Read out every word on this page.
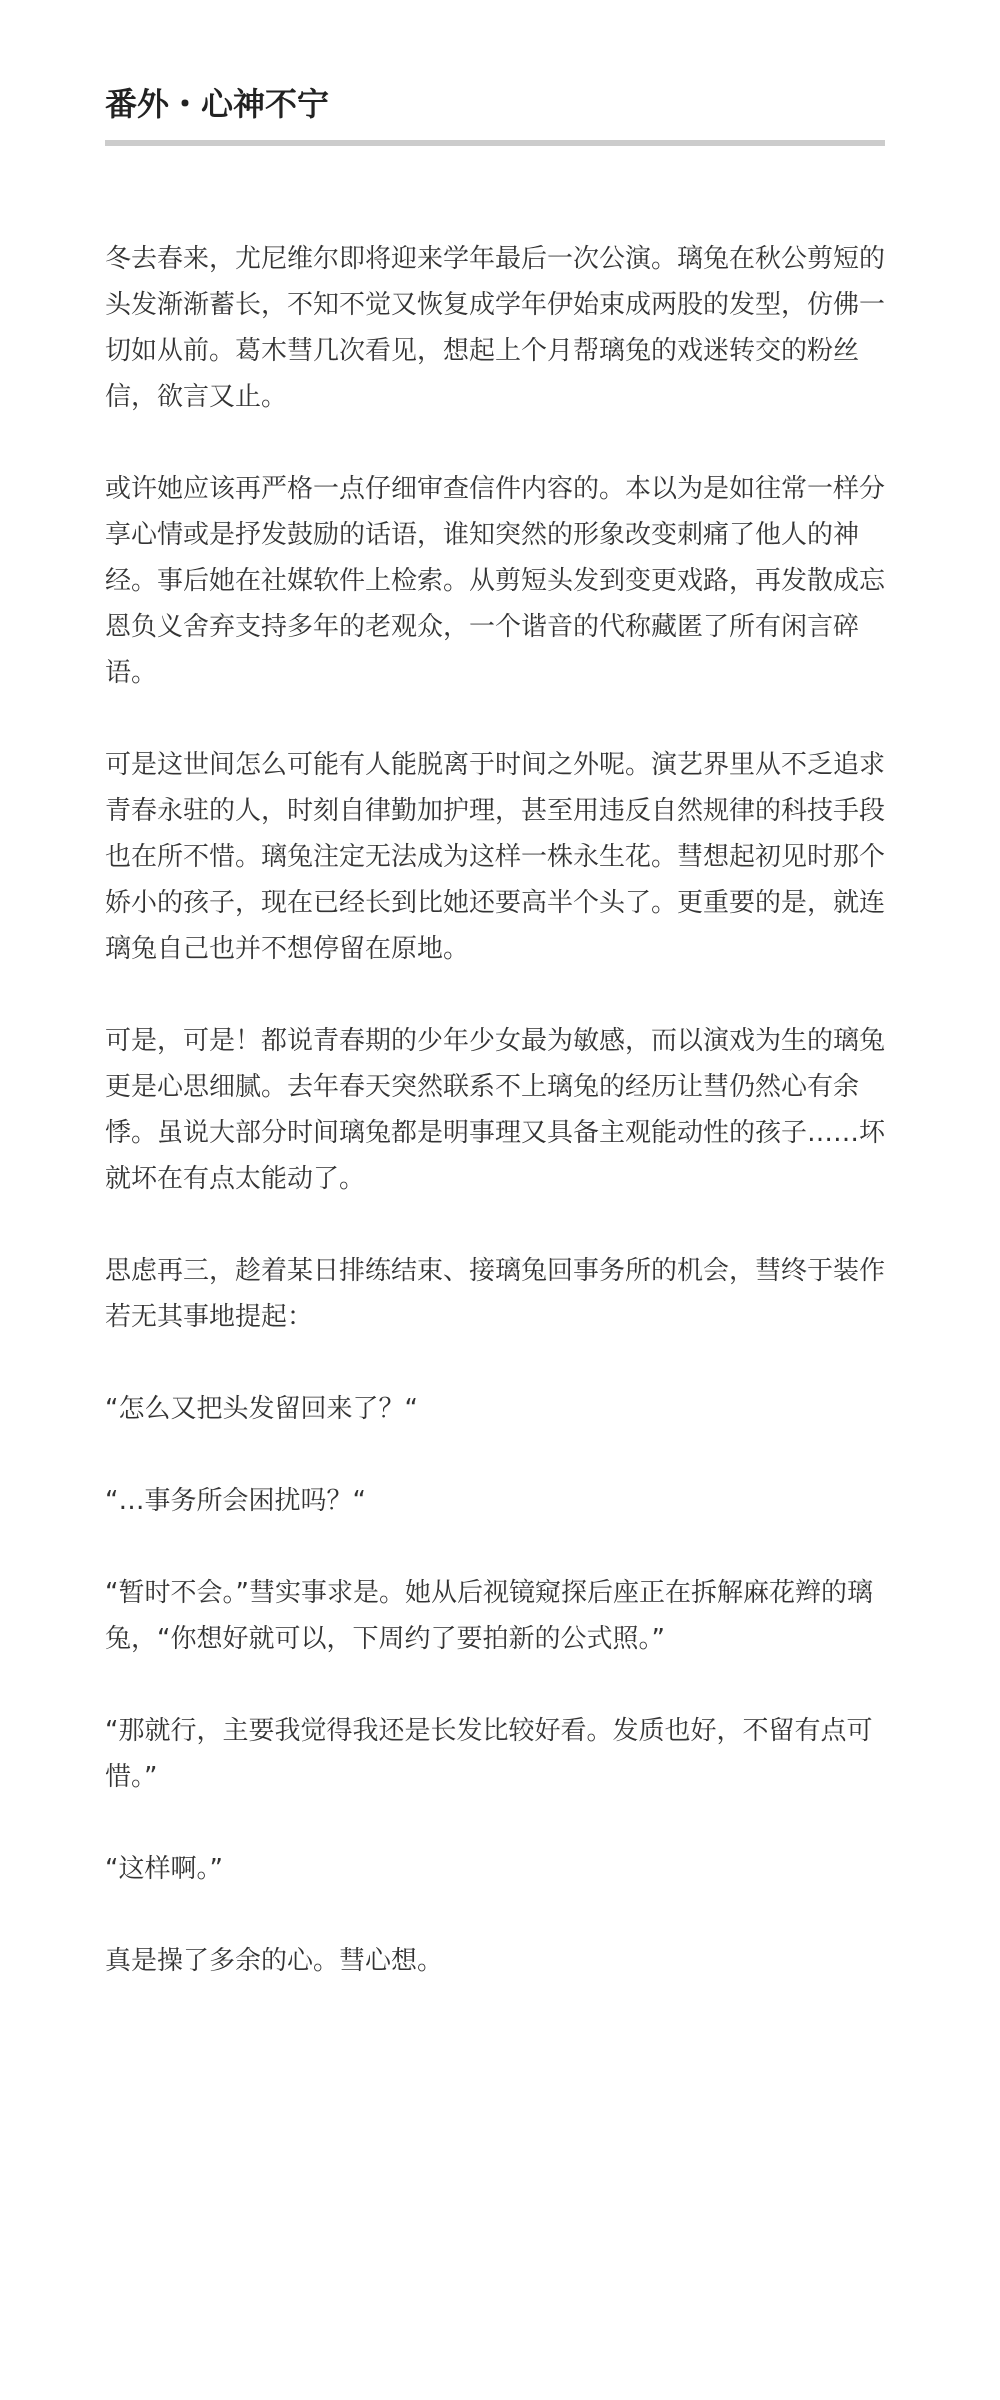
番外・心神不宁

冬去春来，尤尼维尔即将迎来学年最后一次公演。璃兔在秋公剪短的头发渐渐蓄长，不知不觉又恢复成学年伊始束成两股的发型，仿佛一切如从前。葛木彗几次看见，想起上个月帮璃兔的戏迷转交的粉丝信，欲言又止。

或许她应该再严格一点仔细审查信件内容的。本以为是如往常一样分享心情或是抒发鼓励的话语，谁知突然的形象改变刺痛了他人的神经。事后她在社媒软件上检索。从剪短头发到变更戏路，再发散成忘恩负义舍弃支持多年的老观众，一个谐音的代称藏匿了所有闲言碎语。

可是这世间怎么可能有人能脱离于时间之外呢。演艺界里从不乏追求青春永驻的人，时刻自律勤加护理，甚至用违反自然规律的科技手段也在所不惜。璃兔注定无法成为这样一株永生花。彗想起初见时那个娇小的孩子，现在已经长到比她还要高半个头了。更重要的是，就连璃兔自己也并不想停留在原地。

可是，可是！都说青春期的少年少女最为敏感，而以演戏为生的璃兔更是心思细腻。去年春天突然联系不上璃兔的经历让彗仍然心有余悸。虽说大部分时间璃兔都是明事理又具备主观能动性的孩子……坏就坏在有点太能动了。

思虑再三，趁着某日排练结束、接璃兔回事务所的机会，彗终于装作若无其事地提起：

“怎么又把头发留回来了？“

“…事务所会困扰吗？“

“暂时不会。”彗实事求是。她从后视镜窥探后座正在拆解麻花辫的璃兔，“你想好就可以，下周约了要拍新的公式照。”

“那就行，主要我觉得我还是长发比较好看。发质也好，不留有点可惜。”

“这样啊。”

真是操了多余的心。彗心想。
